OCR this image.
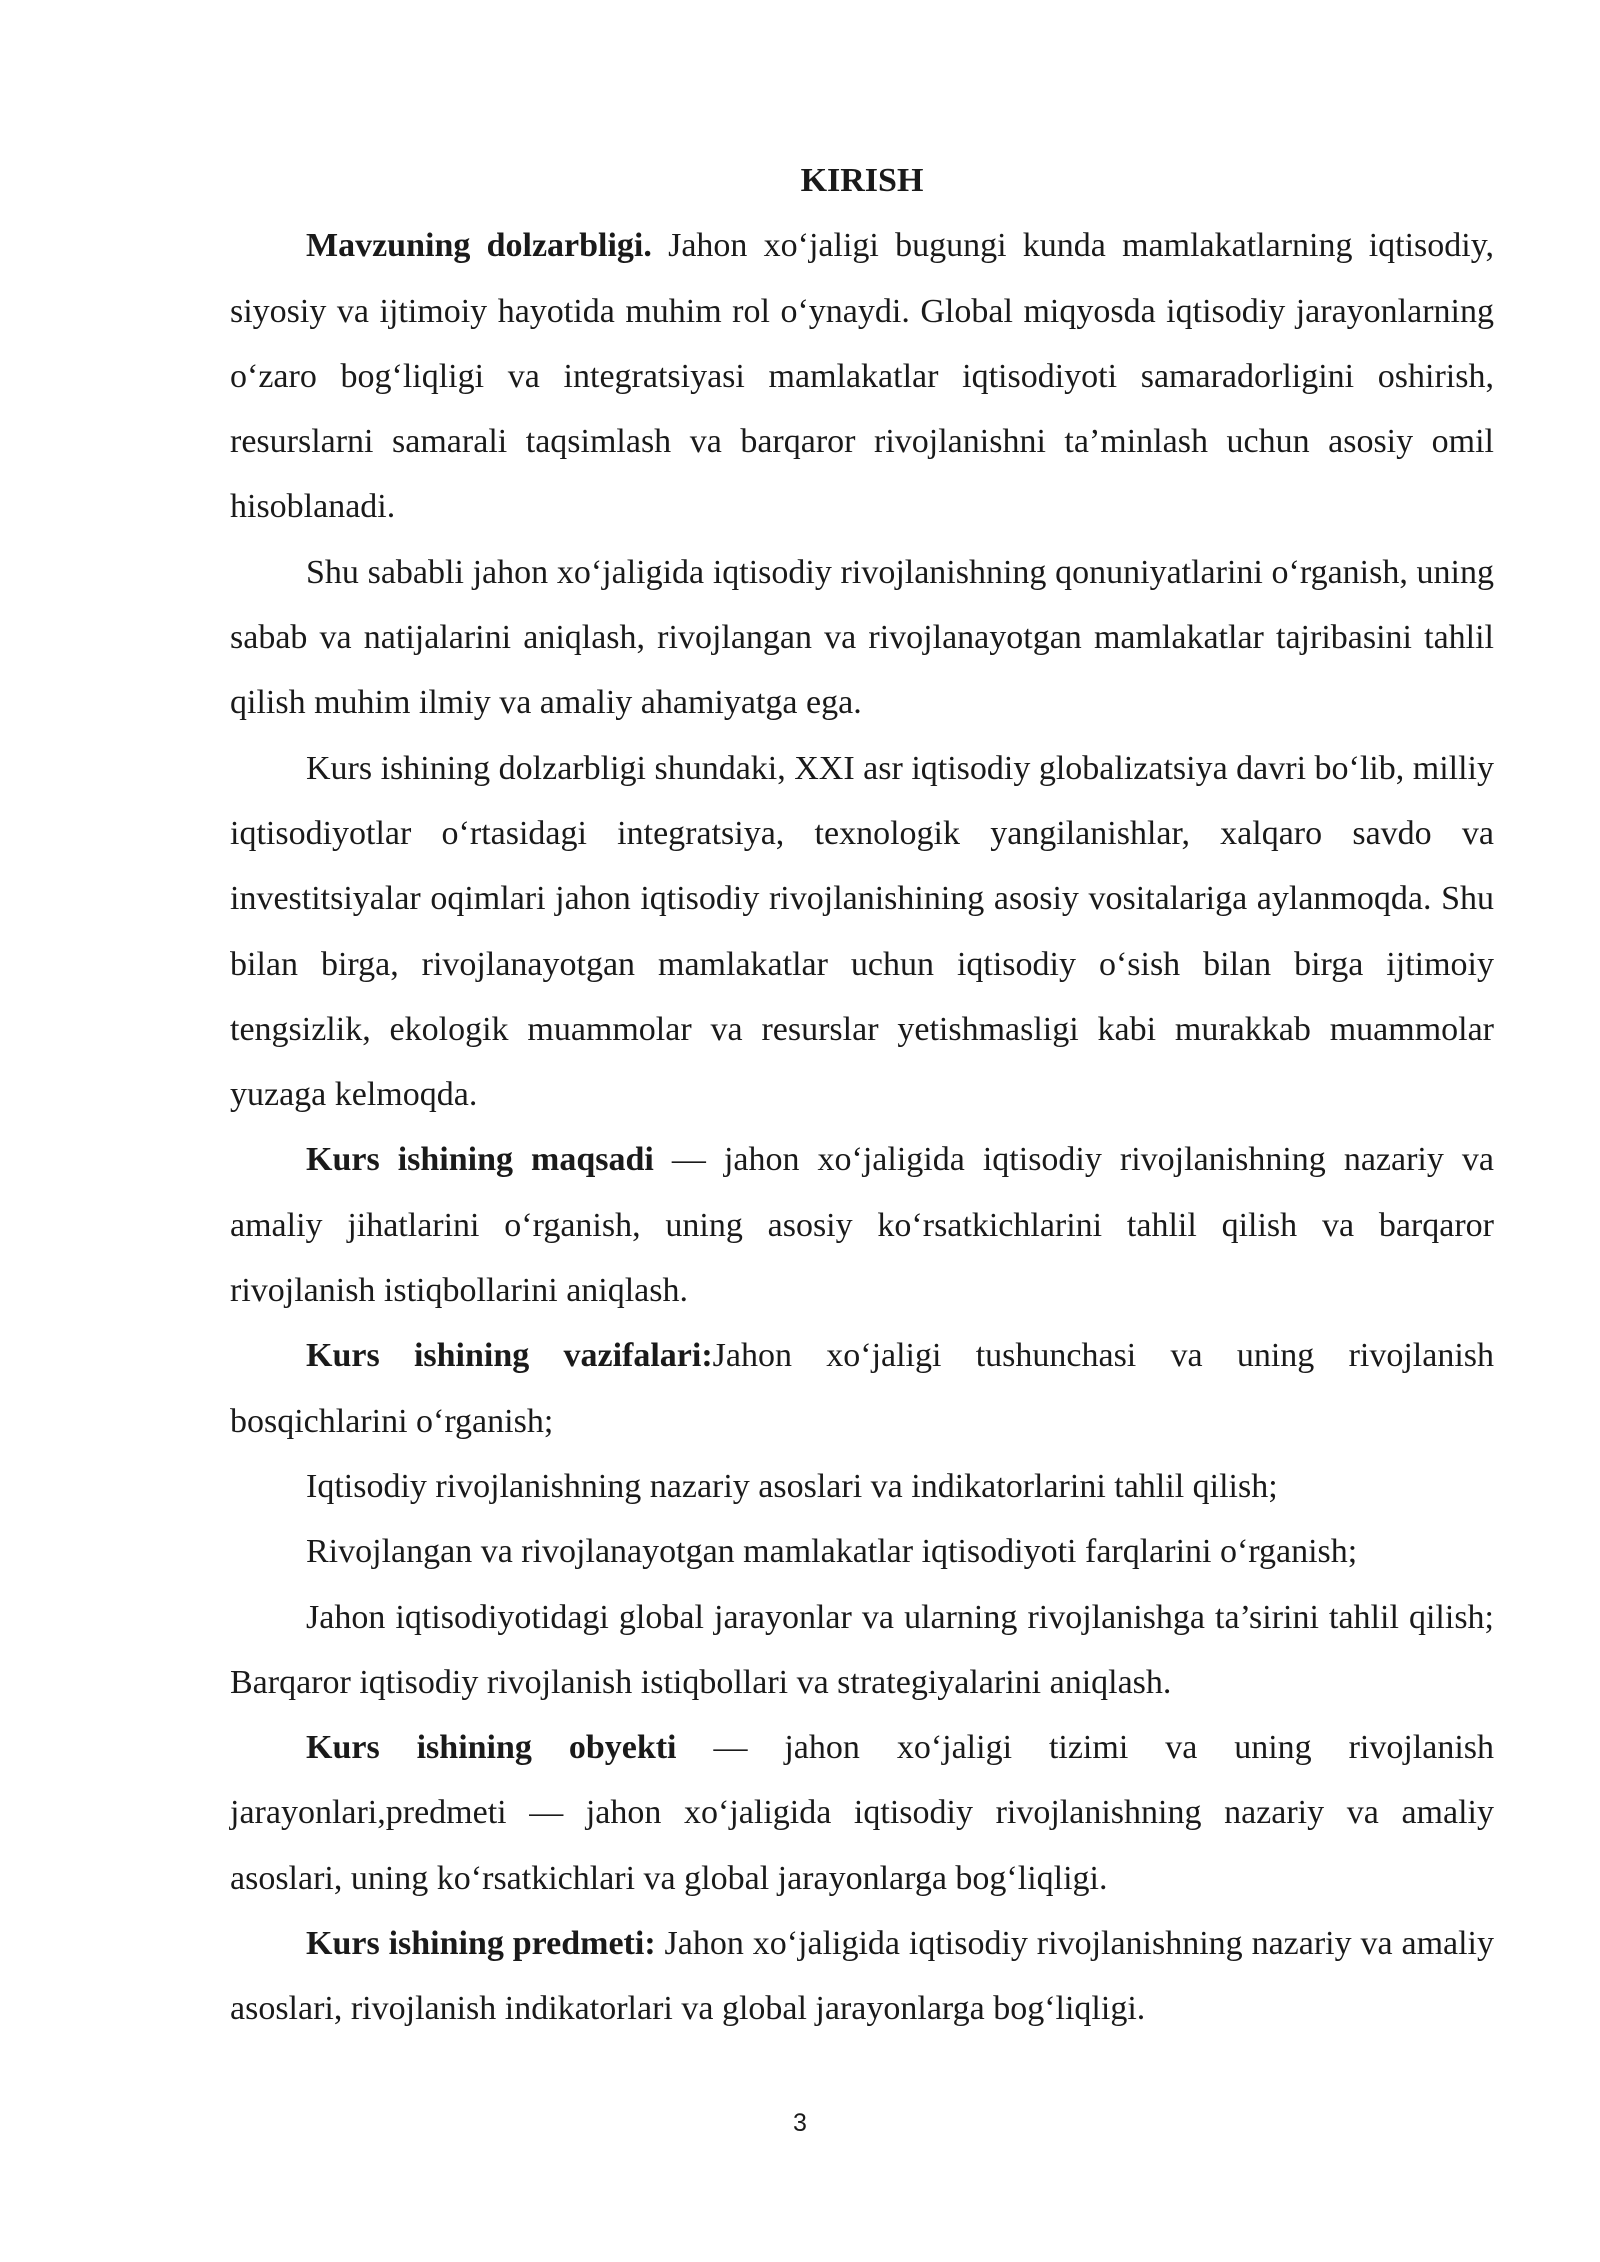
KIRISH

Mavzuning dolzarbligi. Jahon xo‘jaligi bugungi kunda mamlakatlarning iqtisodiy, siyosiy va ijtimoiy hayotida muhim rol o‘ynaydi. Global miqyosda iqtisodiy jarayonlarning o‘zaro bog‘liqligi va integratsiyasi mamlakatlar iqtisodiyoti samaradorligini oshirish, resurslarni samarali taqsimlash va barqaror rivojlanishni ta’minlash uchun asosiy omil hisoblanadi.

Shu sababli jahon xo‘jaligida iqtisodiy rivojlanishning qonuniyatlarini o‘rganish, uning sabab va natijalarini aniqlash, rivojlangan va rivojlanayotgan mamlakatlar tajribasini tahlil qilish muhim ilmiy va amaliy ahamiyatga ega.

Kurs ishining dolzarbligi shundaki, XXI asr iqtisodiy globalizatsiya davri bo‘lib, milliy iqtisodiyotlar o‘rtasidagi integratsiya, texnologik yangilanishlar, xalqaro savdo va investitsiyalar oqimlari jahon iqtisodiy rivojlanishining asosiy vositalariga aylanmoqda. Shu bilan birga, rivojlanayotgan mamlakatlar uchun iqtisodiy o‘sish bilan birga ijtimoiy tengsizlik, ekologik muammolar va resurslar yetishmasligi kabi murakkab muammolar yuzaga kelmoqda.

Kurs ishining maqsadi — jahon xo‘jaligida iqtisodiy rivojlanishning nazariy va amaliy jihatlarini o‘rganish, uning asosiy ko‘rsatkichlarini tahlil qilish va barqaror rivojlanish istiqbollarini aniqlash.

Kurs ishining vazifalari:Jahon xo‘jaligi tushunchasi va uning rivojlanish bosqichlarini o‘rganish;

Iqtisodiy rivojlanishning nazariy asoslari va indikatorlarini tahlil qilish;

Rivojlangan va rivojlanayotgan mamlakatlar iqtisodiyoti farqlarini o‘rganish;

Jahon iqtisodiyotidagi global jarayonlar va ularning rivojlanishga ta’sirini tahlil qilish; Barqaror iqtisodiy rivojlanish istiqbollari va strategiyalarini aniqlash.

Kurs ishining obyekti — jahon xo‘jaligi tizimi va uning rivojlanish jarayonlari,predmeti — jahon xo‘jaligida iqtisodiy rivojlanishning nazariy va amaliy asoslari, uning ko‘rsatkichlari va global jarayonlarga bog‘liqligi.

Kurs ishining predmeti: Jahon xo‘jaligida iqtisodiy rivojlanishning nazariy va amaliy asoslari, rivojlanish indikatorlari va global jarayonlarga bog‘liqligi.

3
